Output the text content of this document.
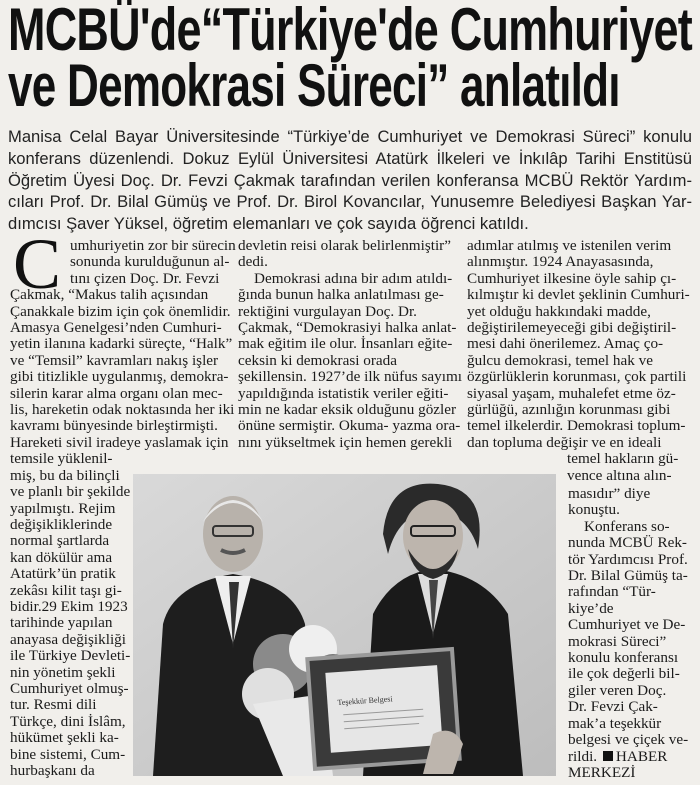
MCBÜ'de“Türkiye'de Cumhuriyet
ve Demokrasi Süreci” anlatıldı
Manisa Celal Bayar Üniversitesinde “Türkiye’de Cumhuriyet ve Demokrasi Süreci” konulu
konferans düzenlendi. Dokuz Eylül Üniversitesi Atatürk İlkeleri ve İnkılâp Tarihi Enstitüsü
Öğretim Üyesi Doç. Dr. Fevzi Çakmak tarafından verilen konferansa MCBÜ Rektör Yardım-
cıları Prof. Dr. Bilal Gümüş ve Prof. Dr. Birol Kovancılar, Yunusemre Belediyesi Başkan Yar-
dımcısı Şaver Yüksel, öğretim elemanları ve çok sayıda öğrenci katıldı.
C umhuriyetin zor bir sürecin
sonunda kurulduğunun al-
tını çizen Doç. Dr. Fevzi
Çakmak, “Makus talih açısından
Çanakkale bizim için çok önemlidir.
Amasya Genelgesi’nden Cumhuri-
yetin ilanına kadarki süreçte, “Halk”
ve “Temsil” kavramları nakış işler
gibi titizlikle uygulanmış, demokra-
silerin karar alma organı olan mec-
lis, hareketin odak noktasında her iki
kavramı bünyesinde birleştirmişti.
Hareketi sivil iradeye yaslamak için
temsile yüklenil-
miş, bu da bilinçli
ve planlı bir şekilde
yapılmıştı. Rejim
değişikliklerinde
normal şartlarda
kan dökülür ama
Atatürk’ün pratik
zekâsı kilit taşı gi-
bidir.29 Ekim 1923
tarihinde yapılan
anayasa değişikliği
ile Türkiye Devleti-
nin yönetim şekli
Cumhuriyet olmuş-
tur. Resmi dili
Türkçe, dini İslâm,
hükümet şekli ka-
bine sistemi, Cum-
hurbaşkanı da
devletin reisi olarak belirlenmiştir”
dedi.
Demokrasi adına bir adım atıldı-
ğında bunun halka anlatılması ge-
rektiğini vurgulayan Doç. Dr.
Çakmak, “Demokrasiyi halka anlat-
mak eğitim ile olur. İnsanları eğite-
ceksin ki demokrasi orada
şekillensin. 1927’de ilk nüfus sayımı
yapıldığında istatistik veriler eğiti-
min ne kadar eksik olduğunu gözler
önüne sermiştir. Okuma- yazma ora-
nını yükseltmek için hemen gerekli
adımlar atılmış ve istenilen verim
alınmıştır. 1924 Anayasasında,
Cumhuriyet ilkesine öyle sahip çı-
kılmıştır ki devlet şeklinin Cumhuri-
yet olduğu hakkındaki madde,
değiştirilemeyeceği gibi değiştiril-
mesi dahi önerilemez. Amaç ço-
ğulcu demokrasi, temel hak ve
özgürlüklerin korunması, çok partili
siyasal yaşam, muhalefet etme öz-
gürlüğü, azınlığın korunması gibi
temel ilkelerdir. Demokrasi toplum-
dan topluma değişir ve en ideali
temel hakların gü-
vence altına alın-
masıdır” diye
konuştu.
Konferans so-
nunda MCBÜ Rek-
tör Yardımcısı Prof.
Dr. Bilal Gümüş ta-
rafından “Tür-
kiye’de
Cumhuriyet ve De-
mokrasi Süreci”
konulu konferansı
ile çok değerli bil-
giler veren Doç.
Dr. Fevzi Çak-
mak’a teşekkür
belgesi ve çiçek ve-
rildi. HABER
MERKEZİ
Teşekkür Belgesi
